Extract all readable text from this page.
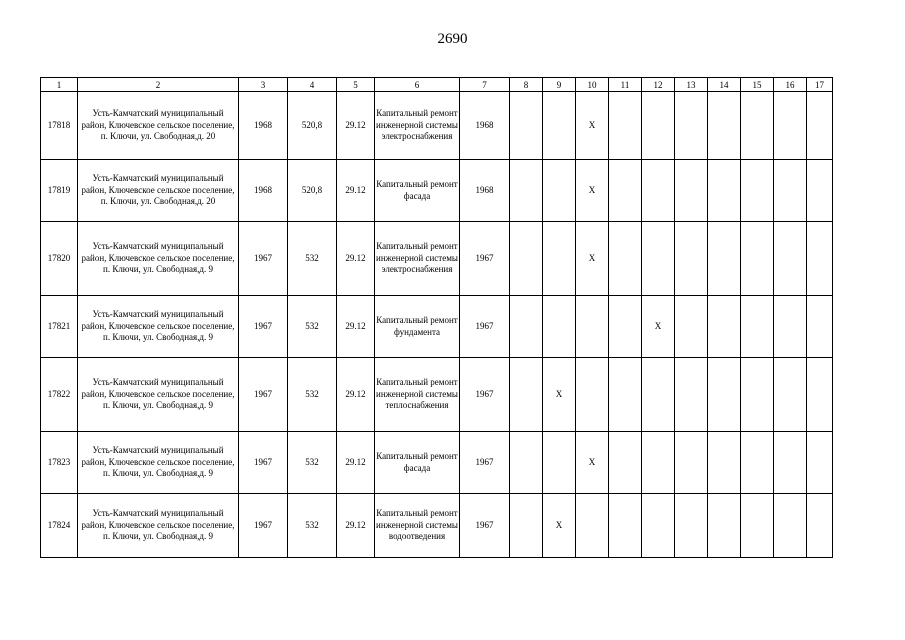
2690
1	2	3	4	5	6	7	8	9	10	11	12	13	14	15	16	17
17818	Усть-Камчатский муниципальный район, Ключевское сельское поселение, п. Ключи, ул. Свободная,д. 20	1968	520,8	29.12	Капитальный ремонт инженерной системы электроснабжения	1968			X							
17819	Усть-Камчатский муниципальный район, Ключевское сельское поселение, п. Ключи, ул. Свободная,д. 20	1968	520,8	29.12	Капитальный ремонт фасада	1968			X							
17820	Усть-Камчатский муниципальный район, Ключевское сельское поселение, п. Ключи, ул. Свободная,д. 9	1967	532	29.12	Капитальный ремонт инженерной системы электроснабжения	1967			X							
17821	Усть-Камчатский муниципальный район, Ключевское сельское поселение, п. Ключи, ул. Свободная,д. 9	1967	532	29.12	Капитальный ремонт фундамента	1967					X					
17822	Усть-Камчатский муниципальный район, Ключевское сельское поселение, п. Ключи, ул. Свободная,д. 9	1967	532	29.12	Капитальный ремонт инженерной системы теплоснабжения	1967		X								
17823	Усть-Камчатский муниципальный район, Ключевское сельское поселение, п. Ключи, ул. Свободная,д. 9	1967	532	29.12	Капитальный ремонт фасада	1967			X							
17824	Усть-Камчатский муниципальный район, Ключевское сельское поселение, п. Ключи, ул. Свободная,д. 9	1967	532	29.12	Капитальный ремонт инженерной системы водоотведения	1967		X								
